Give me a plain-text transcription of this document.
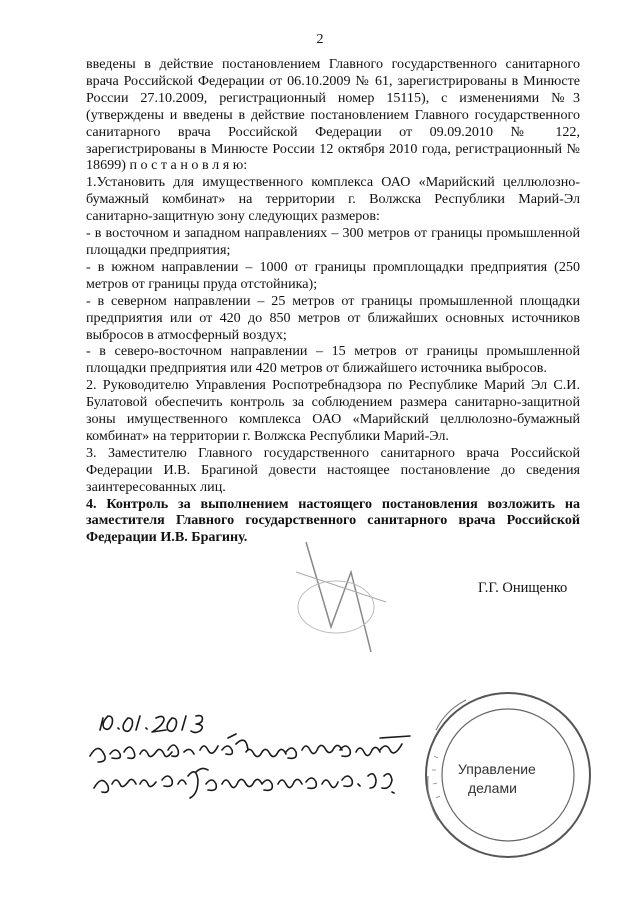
2

введены в действие постановлением Главного государственного санитарного врача Российской Федерации от 06.10.2009 № 61, зарегистрированы в Минюсте России 27.10.2009, регистрационный номер 15115), с изменениями №3 (утверждены и введены в действие постановлением Главного государственного санитарного врача Российской Федерации от 09.09.2010 № 122, зарегистрированы в Минюсте России 12 октября 2010 года, регистрационный № 18699) п о с т а н о в л я ю:

1.Установить для имущественного комплекса ОАО «Марийский целлюлозно-бумажный комбинат» на территории г. Волжска Республики Марий-Эл санитарно-защитную зону следующих размеров:

- в восточном и западном направлениях – 300 метров от границы промышленной площадки предприятия;

- в южном направлении – 1000 от границы промплощадки предприятия (250 метров от границы пруда отстойника);

- в северном направлении – 25 метров от границы промышленной площадки предприятия или от 420 до 850 метров от ближайших основных источников выбросов в атмосферный воздух;

- в северо-восточном направлении – 15 метров от границы промышленной площадки предприятия или 420 метров от ближайшего источника выбросов.

2. Руководителю Управления Роспотребнадзора по Республике Марий Эл С.И. Булатовой обеспечить контроль за соблюдением размера санитарно-защитной зоны имущественного комплекса ОАО «Марийский целлюлозно-бумажный комбинат» на территории г. Волжска Республики Марий-Эл.

3. Заместителю Главного государственного санитарного врача Российской Федерации И.В. Брагиной довести настоящее постановление до сведения заинтересованных лиц.

4. Контроль за выполнением настоящего постановления возложить на заместителя Главного государственного санитарного врача Российской Федерации И.В. Брагину.

Г.Г. Онищенко
Управление
делами
